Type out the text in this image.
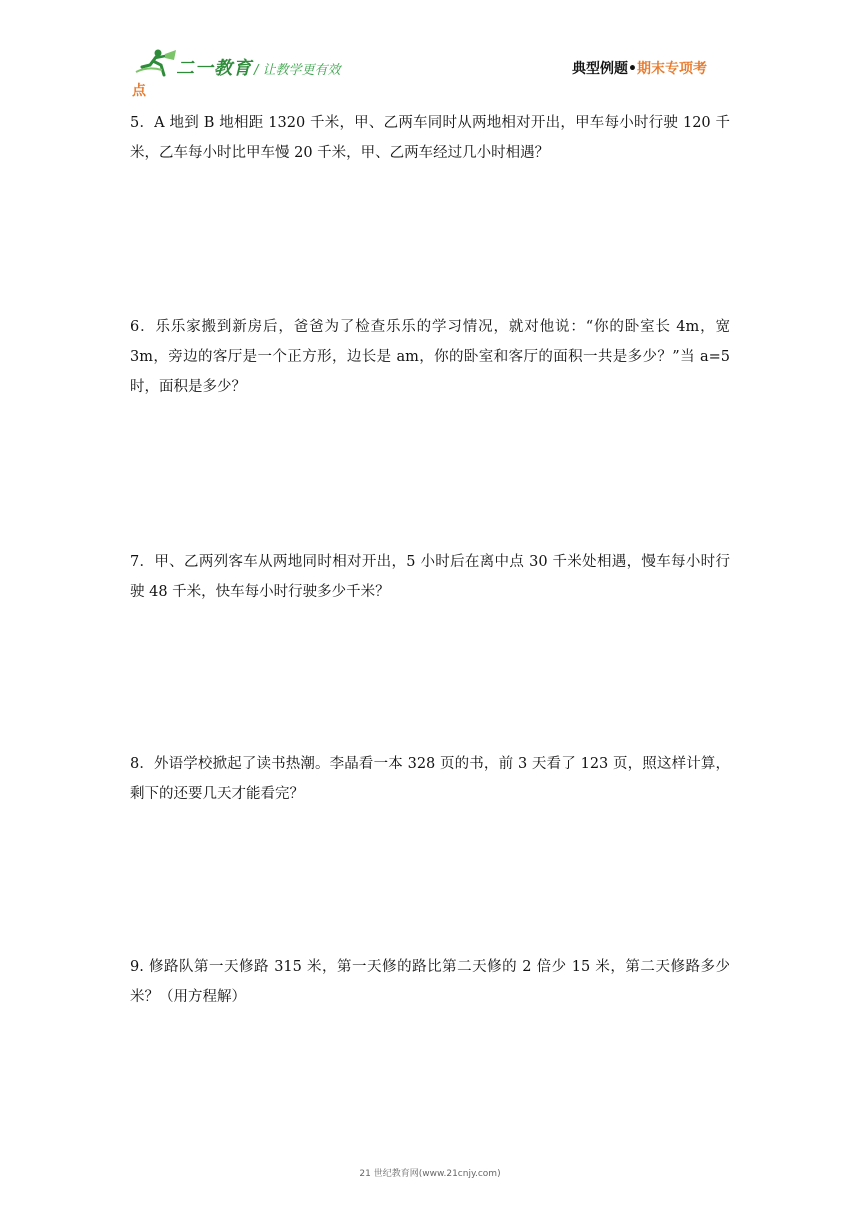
二一教育 / 让教学更有效	典型例题•期末专项考
点

5．A 地到 B 地相距 1320 千米，甲、乙两车同时从两地相对开出，甲车每小时行驶 120 千米，乙车每小时比甲车慢 20 千米，甲、乙两车经过几小时相遇？

6．乐乐家搬到新房后，爸爸为了检查乐乐的学习情况，就对他说：“你的卧室长 4m，宽 3m，旁边的客厅是一个正方形，边长是 am，你的卧室和客厅的面积一共是多少？”当 a=5 时，面积是多少？

7．甲、乙两列客车从两地同时相对开出，5 小时后在离中点 30 千米处相遇，慢车每小时行驶 48 千米，快车每小时行驶多少千米？

8．外语学校掀起了读书热潮。李晶看一本 328 页的书，前 3 天看了 123 页，照这样计算，剩下的还要几天才能看完？

9. 修路队第一天修路 315 米，第一天修的路比第二天修的 2 倍少 15 米，第二天修路多少米？（用方程解）

21 世纪教育网(www.21cnjy.com)
